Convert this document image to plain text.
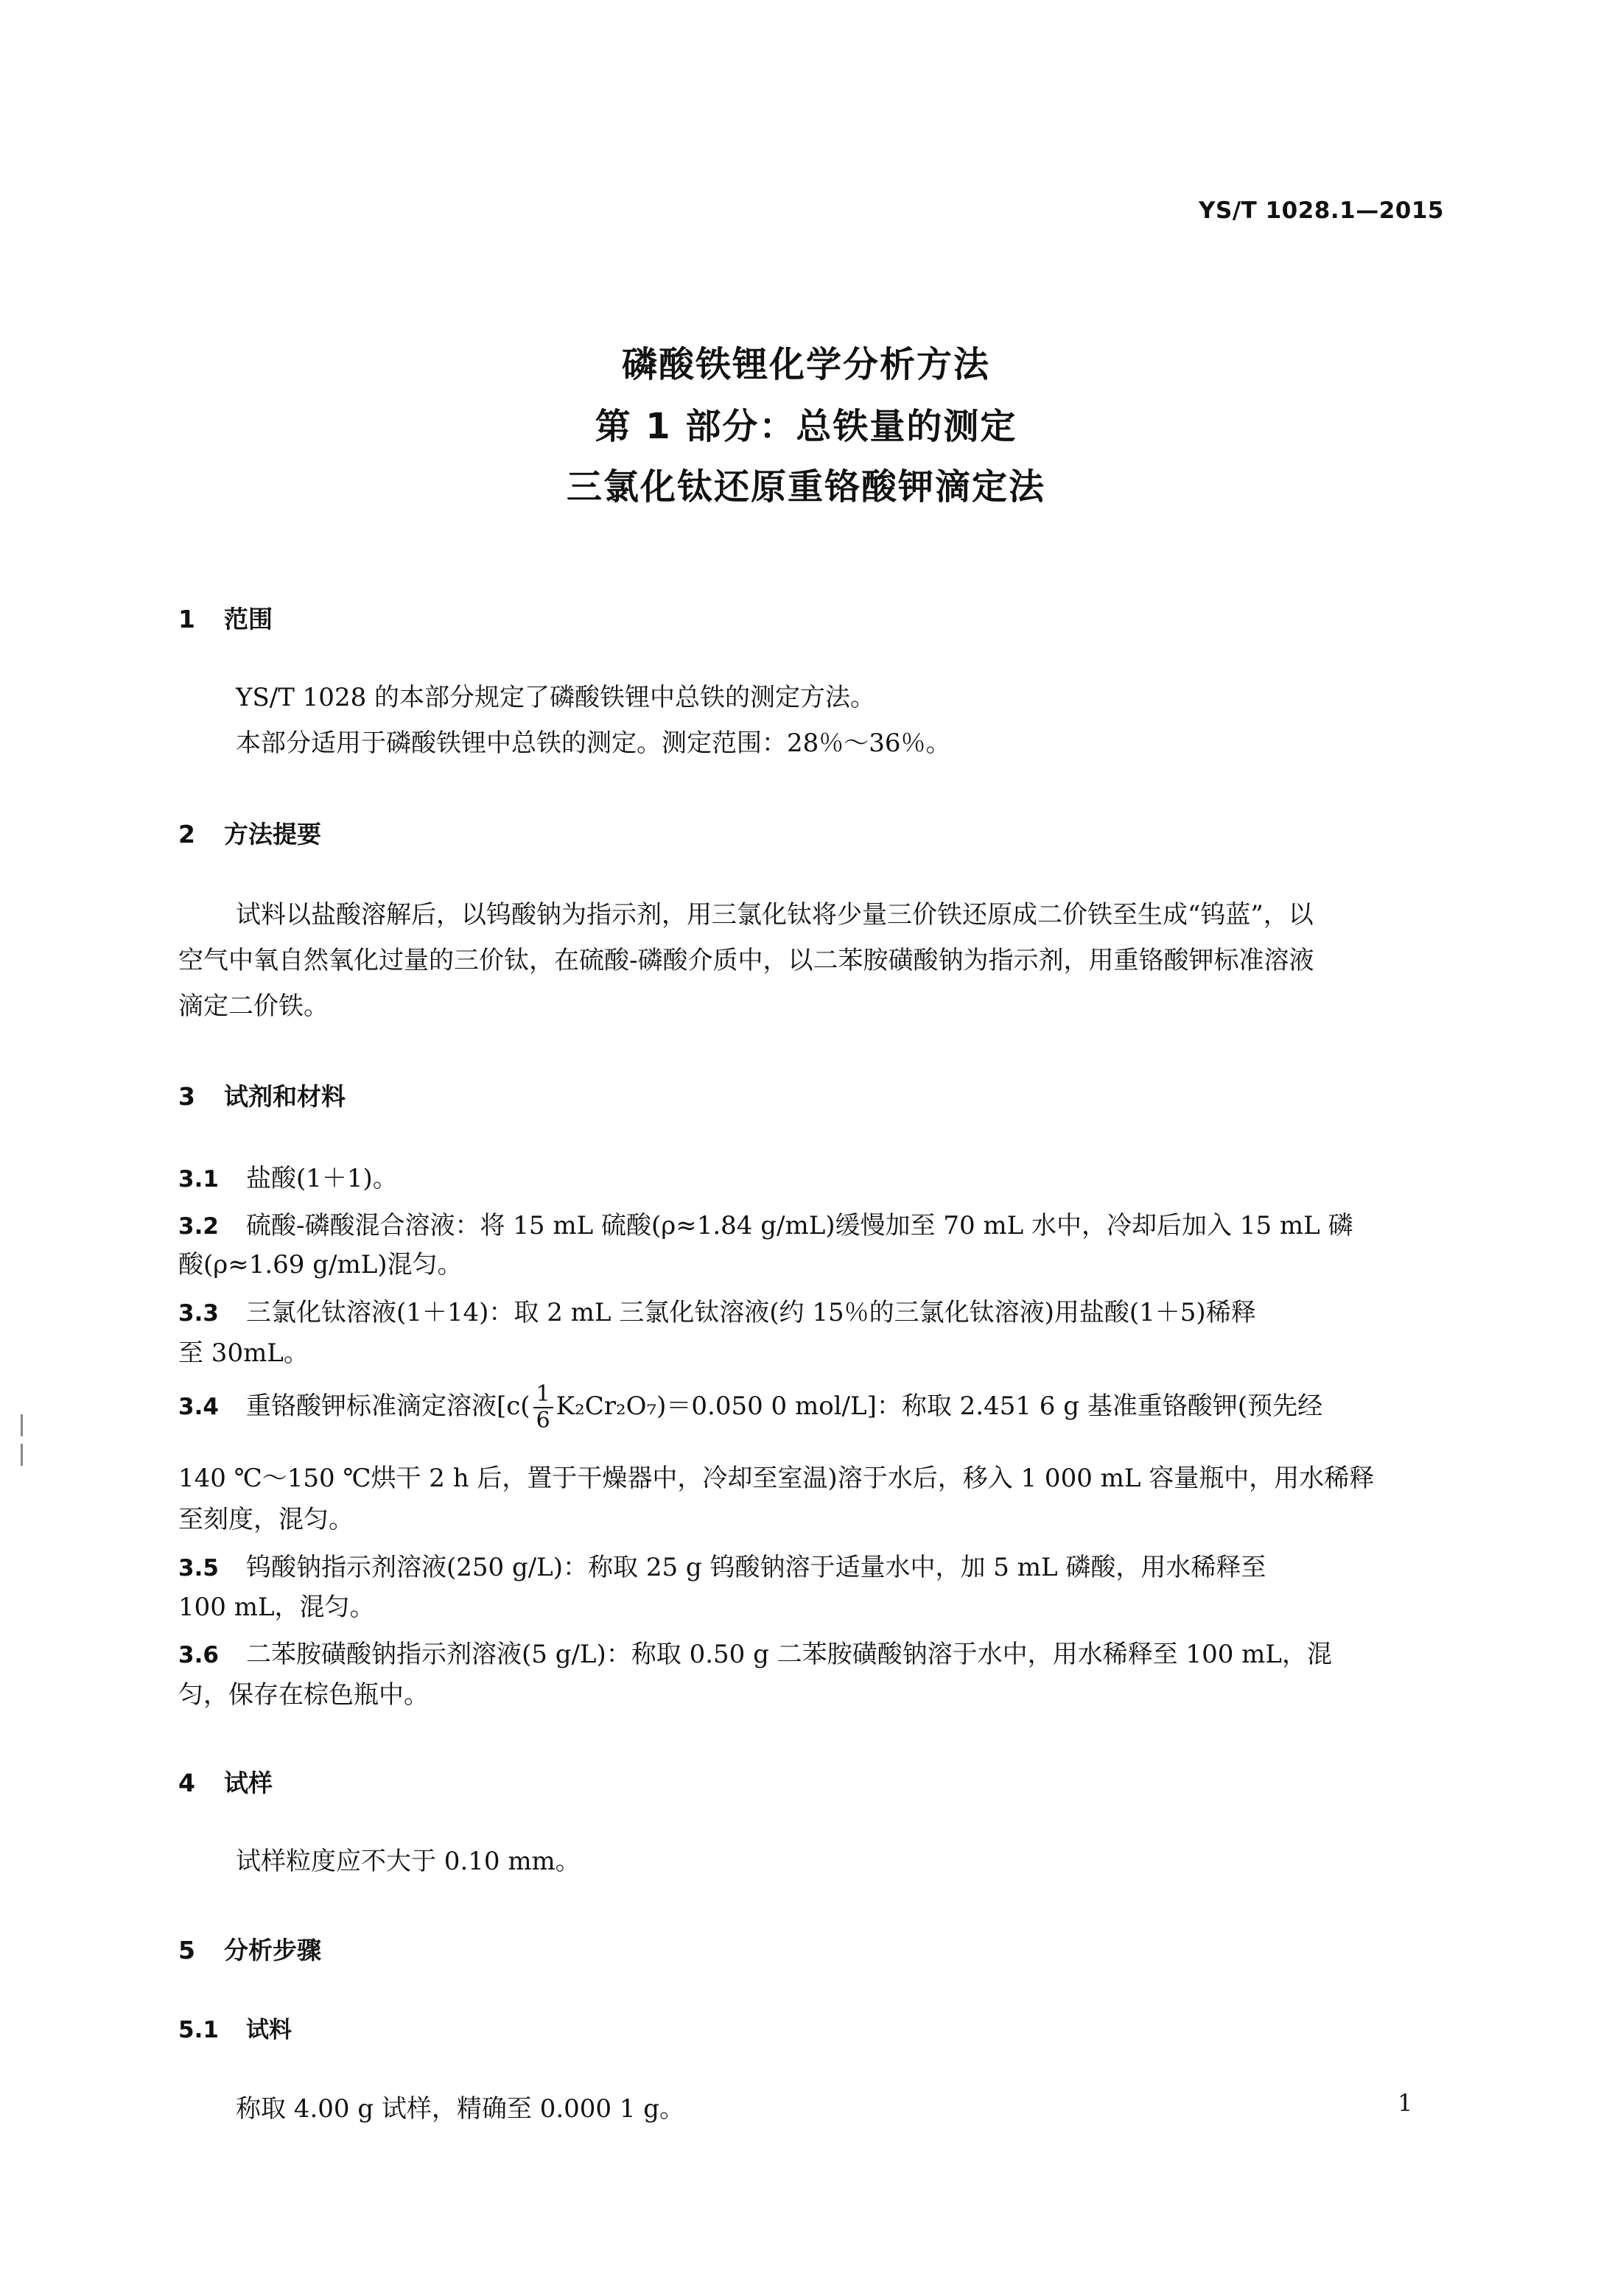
YS/T 1028.1—2015
磷酸铁锂化学分析方法
第 1 部分：总铁量的测定
三氯化钛还原重铬酸钾滴定法
1 范围
YS/T 1028 的本部分规定了磷酸铁锂中总铁的测定方法。
本部分适用于磷酸铁锂中总铁的测定。测定范围：28％～36％。
2 方法提要
试料以盐酸溶解后，以钨酸钠为指示剂，用三氯化钛将少量三价铁还原成二价铁至生成“钨蓝”，以
空气中氧自然氧化过量的三价钛，在硫酸-磷酸介质中，以二苯胺磺酸钠为指示剂，用重铬酸钾标准溶液
滴定二价铁。
3 试剂和材料
3.1 盐酸(1＋1)。
3.2 硫酸-磷酸混合溶液：将 15 mL 硫酸(ρ≈1.84 g/mL)缓慢加至 70 mL 水中，冷却后加入 15 mL 磷
酸(ρ≈1.69 g/mL)混匀。
3.3 三氯化钛溶液(1＋14)：取 2 mL 三氯化钛溶液(约 15％的三氯化钛溶液)用盐酸(1＋5)稀释
至 30mL。
3.4 重铬酸钾标准滴定溶液[$c( \frac{1}{6} K_2Cr_2O_7)=0.050$ 0 mol/L]：称取 2.451 6 g 基准重铬酸钾(预先经
140 ℃～150 ℃烘干 2 h 后，置于干燥器中，冷却至室温)溶于水后，移入 1 000 mL 容量瓶中，用水稀释
至刻度，混匀。
3.5 钨酸钠指示剂溶液(250 g/L)：称取 25 g 钨酸钠溶于适量水中，加 5 mL 磷酸，用水稀释至
100 mL，混匀。
3.6 二苯胺磺酸钠指示剂溶液(5 g/L)：称取 0.50 g 二苯胺磺酸钠溶于水中，用水稀释至 100 mL，混
匀，保存在棕色瓶中。
4 试样
试样粒度应不大于 0.10 mm。
5 分析步骤
5.1 试料
称取 4.00 g 试样，精确至 0.000 1 g。	1
